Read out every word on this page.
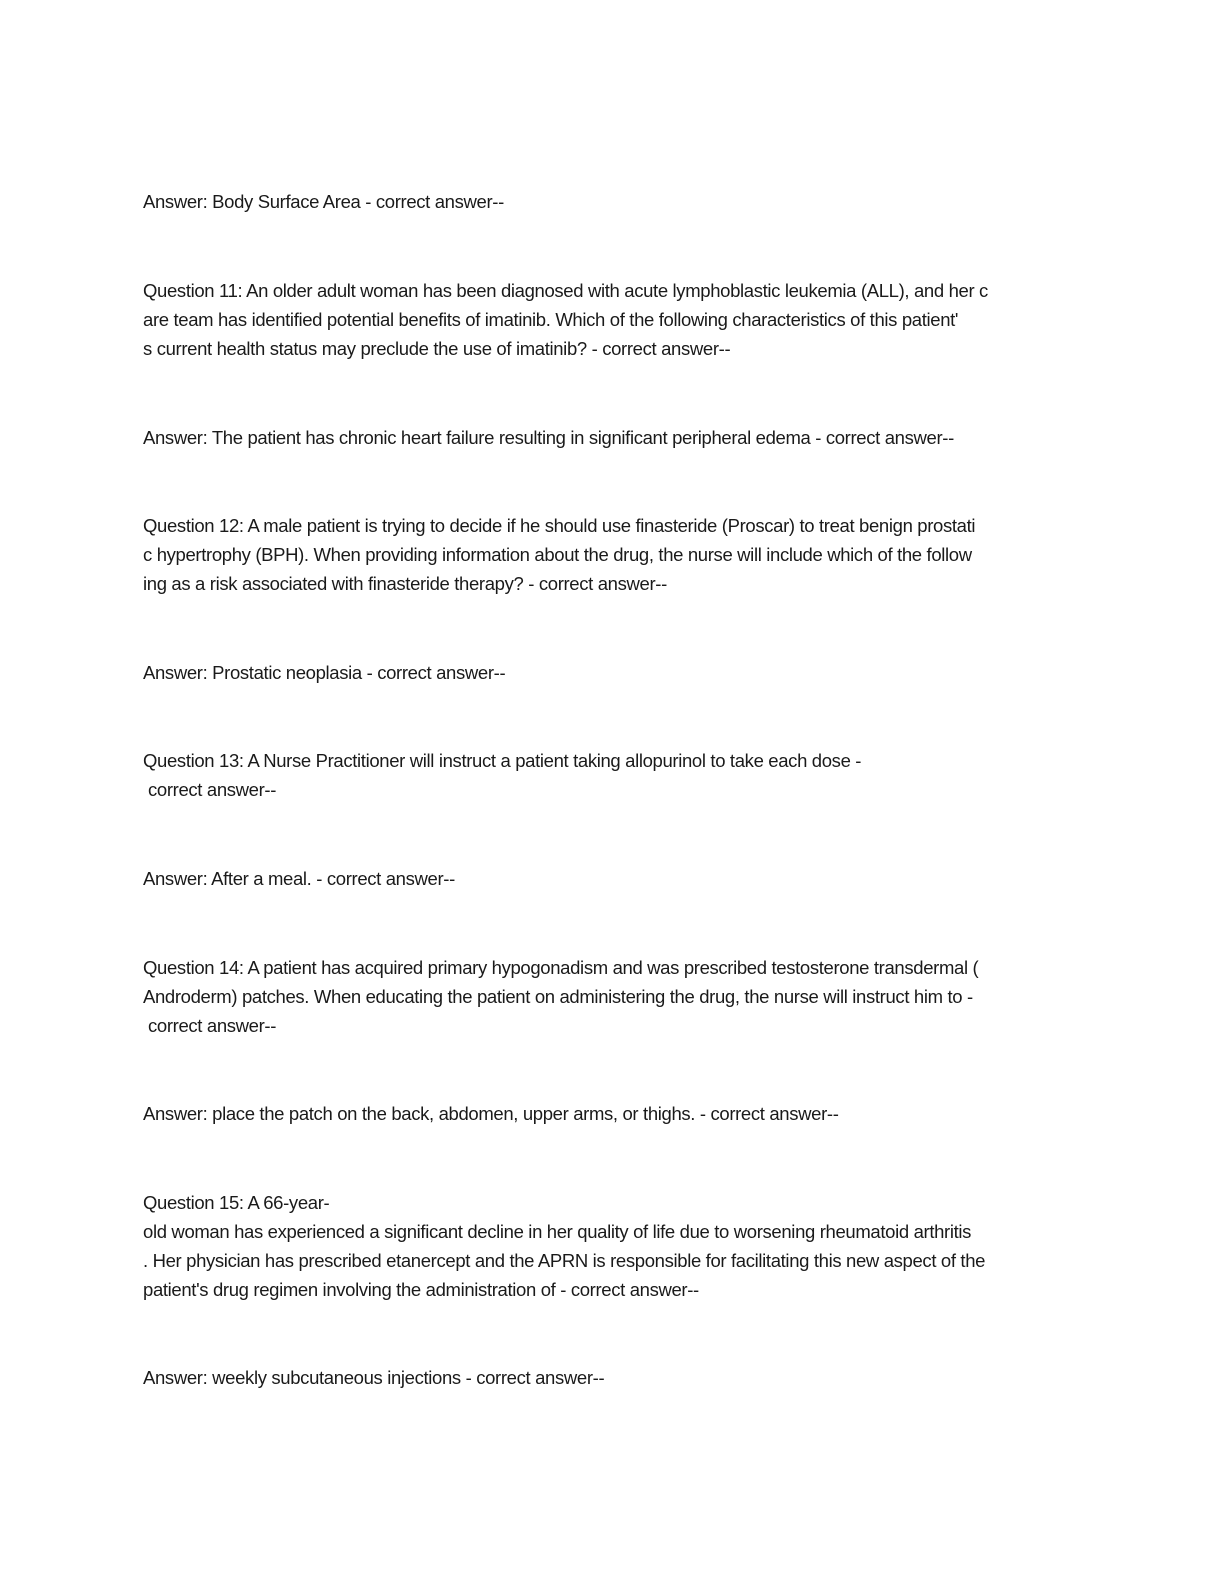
Answer: Body Surface Area - correct answer--
Question 11: An older adult woman has been diagnosed with acute lymphoblastic leukemia (ALL), and her c
are team has identified potential benefits of imatinib. Which of the following characteristics of this patient'
s current health status may preclude the use of imatinib? - correct answer--
Answer: The patient has chronic heart failure resulting in significant peripheral edema - correct answer--
Question 12: A male patient is trying to decide if he should use finasteride (Proscar) to treat benign prostati
c hypertrophy (BPH). When providing information about the drug, the nurse will include which of the follow
ing as a risk associated with finasteride therapy? - correct answer--
Answer: Prostatic neoplasia - correct answer--
Question 13: A Nurse Practitioner will instruct a patient taking allopurinol to take each dose -
correct answer--
Answer: After a meal. - correct answer--
Question 14: A patient has acquired primary hypogonadism and was prescribed testosterone transdermal (
Androderm) patches. When educating the patient on administering the drug, the nurse will instruct him to -
correct answer--
Answer: place the patch on the back, abdomen, upper arms, or thighs. - correct answer--
Question 15: A 66-year-
old woman has experienced a significant decline in her quality of life due to worsening rheumatoid arthritis
. Her physician has prescribed etanercept and the APRN is responsible for facilitating this new aspect of the
patient's drug regimen involving the administration of - correct answer--
Answer: weekly subcutaneous injections - correct answer--
